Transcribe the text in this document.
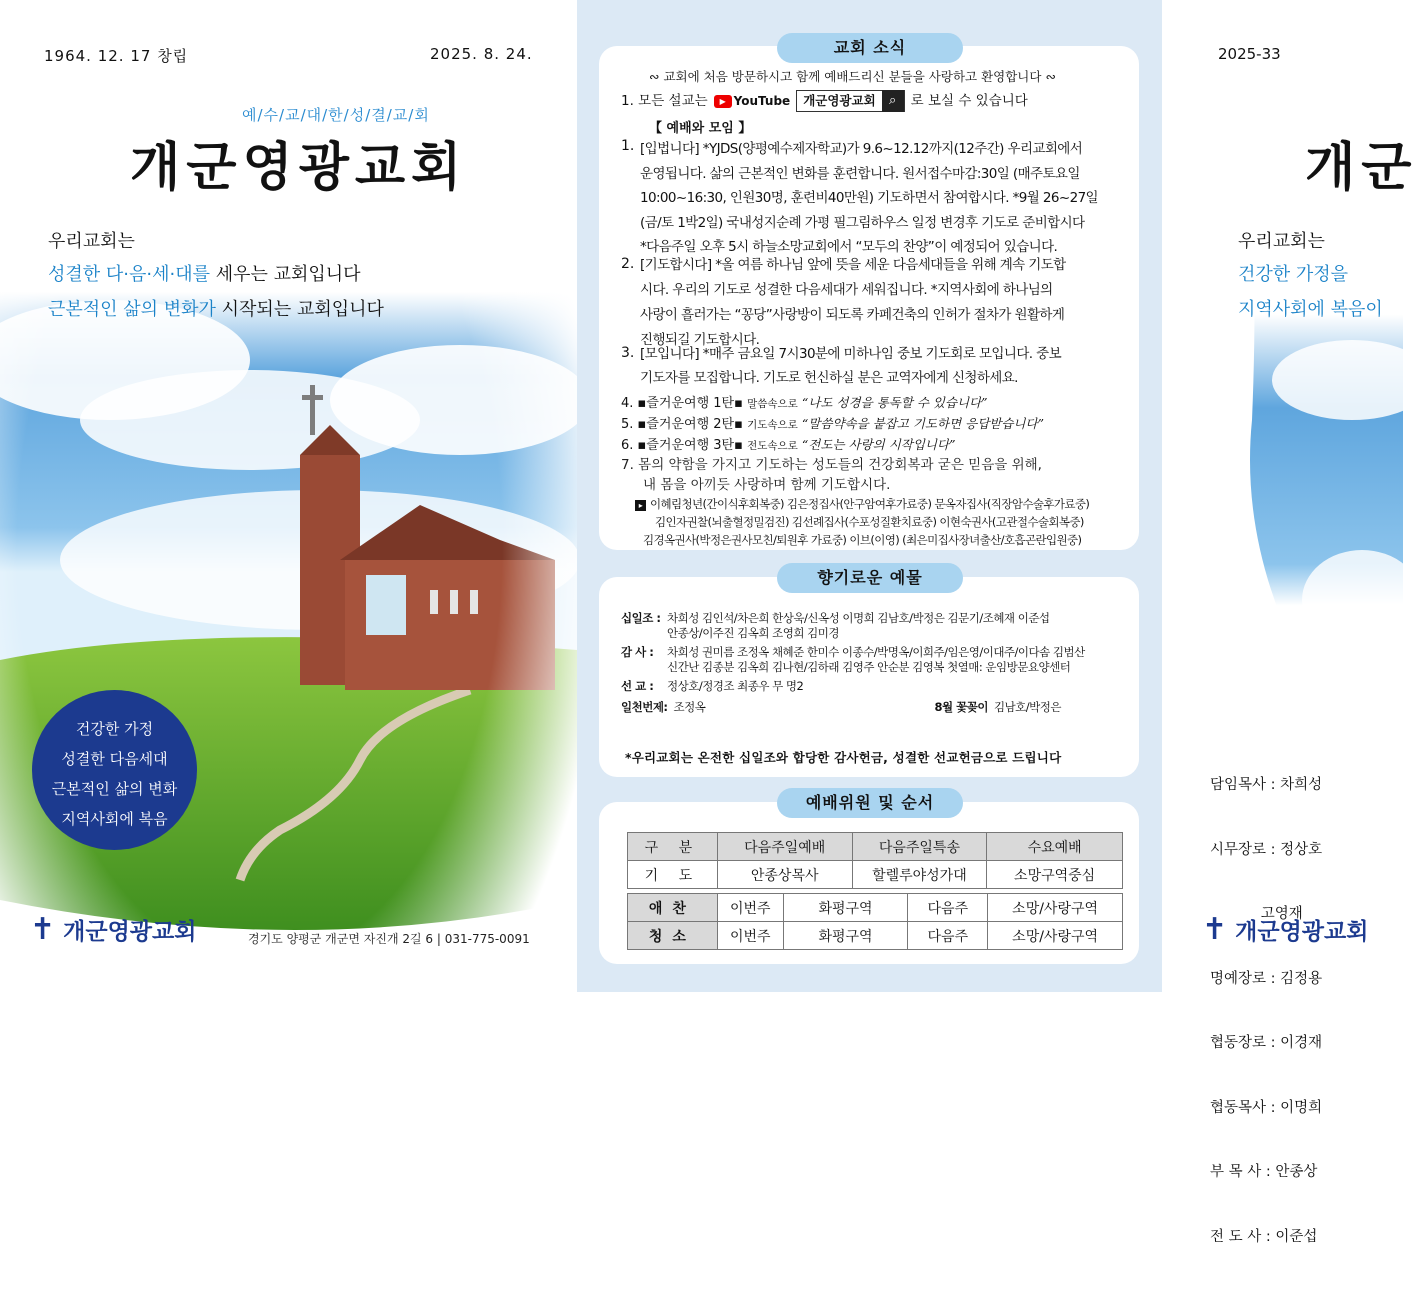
1964. 12. 17 창립	2025. 8. 24.
예/수/교/대/한/성/결/교/회
개군영광교회
우리교회는
성결한 다·음·세·대를 세우는 교회입니다
근본적인 삶의 변화가 시작되는 교회입니다
건강한 가정
성결한 다음세대
근본적인 삶의 변화
지역사회에 복음
✝ 개군영광교회	경기도 양평군 개군면 자진개 2길 6 | 031-775-0091
교회 소식
∾ 교회에 처음 방문하시고 함께 예배드리신 분들을 사랑하고 환영합니다 ∾
1. 모든 설교는	▶ YouTube	개군영광교회	⌕	로 보실 수 있습니다
【 예배와 모임 】
1. [입법니다] *YJDS(양평예수제자학교)가 9.6~12.12까지(12주간) 우리교회에서
운영됩니다. 삶의 근본적인 변화를 훈련합니다. 원서접수마감:30일 (매주토요일
10:00~16:30, 인원30명, 훈련비40만원) 기도하면서 참여합시다. *9월 26~27일
(금/토 1박2일) 국내성지순례 가평 필그림하우스 일정 변경후 기도로 준비합시다
*다음주일 오후 5시 하늘소망교회에서 “모두의 찬양”이 예정되어 있습니다.
2. [기도합시다] *올 여름 하나님 앞에 뜻을 세운 다음세대들을 위해 계속 기도합
시다. 우리의 기도로 성결한 다음세대가 세워집니다. *지역사회에 하나님의
사랑이 흘러가는 “꽁당”사랑방이 되도록 카페건축의 인허가 절차가 원활하게
진행되길 기도합시다.
3. [모입니다] *매주 금요일 7시30분에 미하나임 중보 기도회로 모입니다. 중보
기도자를 모집합니다. 기도로 헌신하실 분은 교역자에게 신청하세요.
4. ▪즐거운여행 1탄▪ 말씀속으로 “나도 성경을 통독할 수 있습니다”
5. ▪즐거운여행 2탄▪ 기도속으로 “말씀약속을 붙잡고 기도하면 응답받습니다”
6. ▪즐거운여행 3탄▪ 전도속으로 “전도는 사랑의 시작입니다”
7. 몸의 약함을 가지고 기도하는 성도들의 건강회복과 굳은 믿음을 위해,
내 몸을 아끼듯 사랑하며 함께 기도합시다.
▸ 이혜림청년(간이식후회복중) 김은정집사(안구암여후가료중) 문옥자집사(직장암수술후가료중)
김인자권찰(뇌출혈정밀검진) 김선례집사(수포성질환치료중) 이현숙권사(고관절수술회복중)
김경옥권사(박정은권사모친/퇴원후 가료중) 이브(이영) (최은미집사장녀출산/호흡곤란입원중)
향기로운 예물
십일조 : 차희성 김인석/차은희 한상욱/신옥성 이명희 김남호/박정은 김문기/조혜재 이준섭
안종상/이주진 김옥희 조영희 김미경
감 사 :	차희성 권미름 조정옥 채혜준 한미수 이종수/박명옥/이희주/임은영/이대주/이다솜 김범산
신간난 김종분 김옥희 김나현/김하래 김영주 안순분 김영복 첫열매: 운임방문요양센터
선 교 :	정상호/정경조 최종우 무 명2
일천번제: 조정옥	8월 꽃꽂이 김남호/박정은
*우리교회는 온전한 십일조와 합당한 감사헌금, 성결한 선교헌금으로 드립니다
예배위원 및 순서
구 분	다음주일예배	다음주일특송	수요예배
기 도	안종상목사	할렐루야성가대	소망구역중심
애찬	이번주	화평구역	다음주	소망/사랑구역
청소	이번주	화평구역	다음주	소망/사랑구역
2025-33
개군
우리교회는
건강한 가정을
지역사회에 복음이

담임목사 : 차희성

시무장로 : 정상호

고영재

명예장로 : 김정용

협동장로 : 이경재

협동목사 : 이명희

부 목 사 : 안종상

전 도 사 : 이준섭

✝ 개군영광교회
